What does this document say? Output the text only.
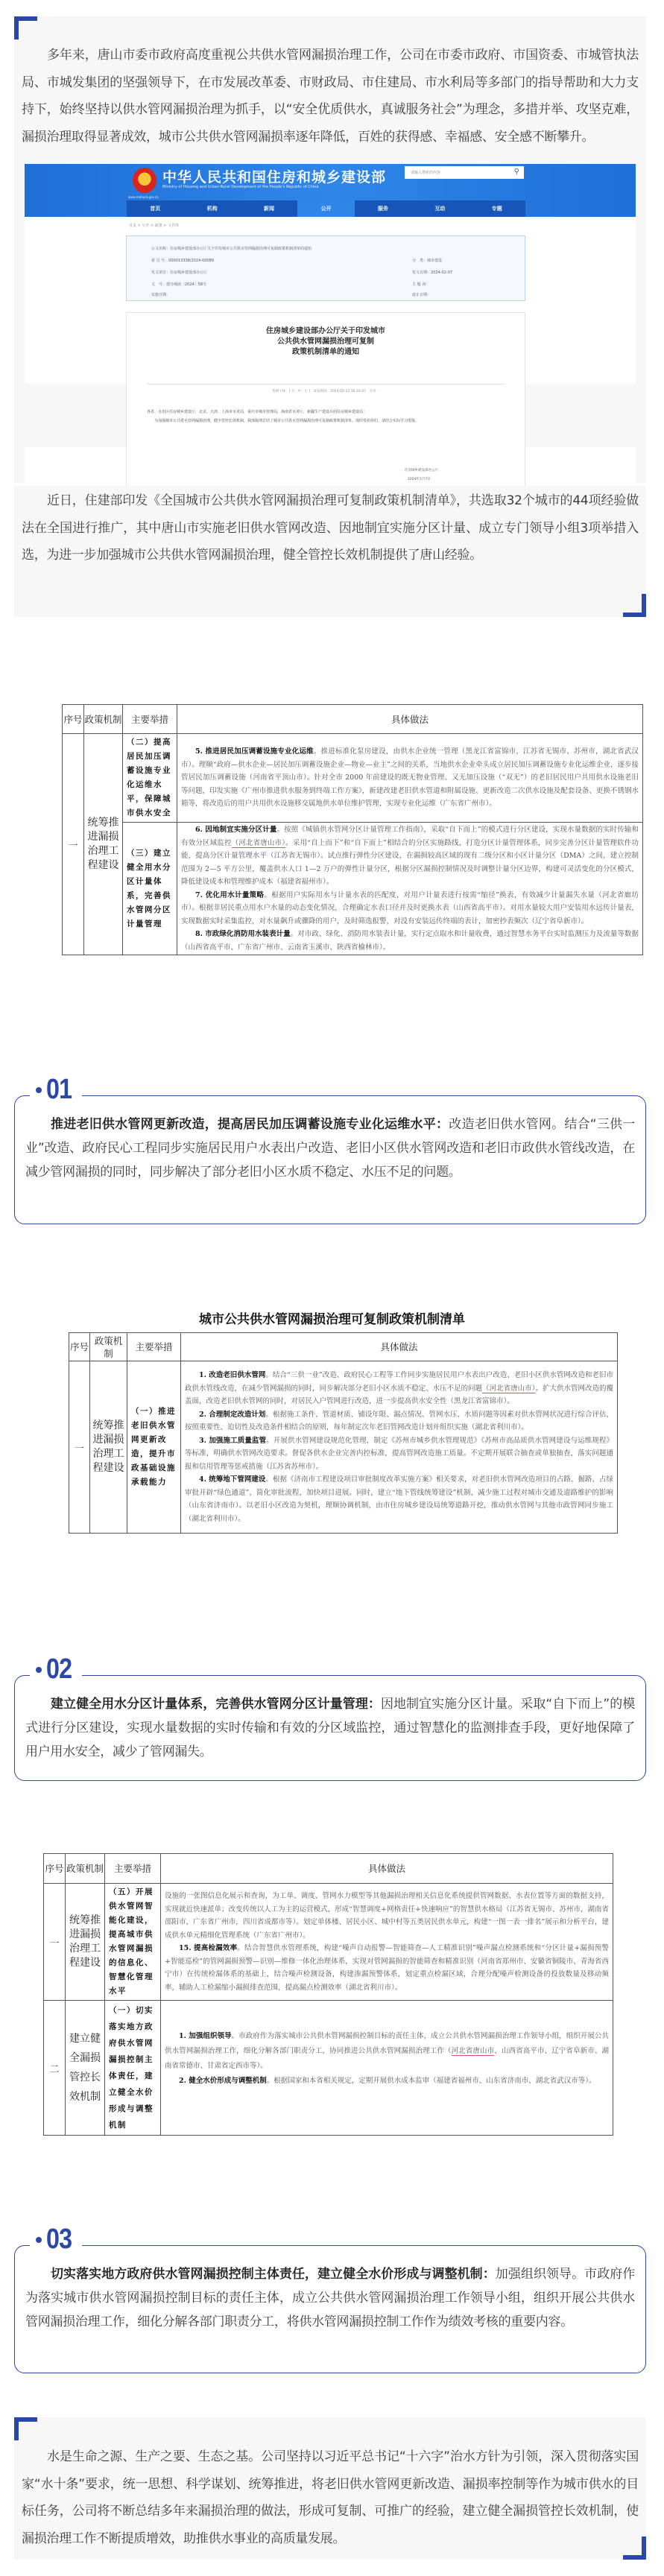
多年来，唐山市委市政府高度重视公共供水管网漏损治理工作，公司在市委市政府、市国资委、市城管执法局、市城发集团的坚强领导下，在市发展改革委、市财政局、市住建局、市水利局等多部门的指导帮助和大力支持下，始终坚持以供水管网漏损治理为抓手，以“安全优质供水，真诚服务社会”为理念，多措并举、攻坚克难，漏损治理取得显著成效，城市公共供水管网漏损率逐年降低，百姓的获得感、幸福感、安全感不断攀升。

中华人民共和国住房和城乡建设部
Ministry of Housing and Urban-Rural Development of the People's Republic of China
www.mohurd.gov.cn
请输入搜索的内容	⚲
首页	机构	新闻	公开	服务	互动	专题
首页 > 公开 > 政策 > 文件库
公文名称：住房城乡建设部办公厅关于印发城市公共供水管网漏损治理可复制政策机制清单的通知
索 引 号：000013338/2024-00089	分　类：城市建设
发文单位：住房城乡建设部办公厅	发文日期：2024-02-07
文　号：建办城函〔2024〕58号	主 题 词：
实施日期：	废止日期：
住房城乡建设部办公厅关于印发城市
公共供水管网漏损治理可复制
政策机制清单的通知
选择字体：[ 大 · 中 · 小 ]　发布时间：2024-02-22 16:33:37　分享：
各省、自治区住房城乡建设厅，北京、天津、上海市水务局，重庆市城市管理局，海南省水务厅，新疆生产建设兵团住房城乡建设局：
为加强城市公共供水管网漏损治理，健全管控长效机制，我部梳理总结了城市公共供水管网漏损治理可复制政策机制清单。现印发给你们，请结合实际学习借鉴。
住房城乡建设部办公厅
2024年2月7日

近日，住建部印发《全国城市公共供水管网漏损治理可复制政策机制清单》，共选取32个城市的44项经验做法在全国进行推广，其中唐山市实施老旧供水管网改造、因地制宜实施分区计量、成立专门领导小组3项举措入选，为进一步加强城市公共供水管网漏损治理，健全管控长效机制提供了唐山经验。

序号	政策机制	主要举措	具体做法
一	统筹推进漏损治理工程建设	（二）提高居民加压调蓄设施专业化运维水平，保障城市供水安全	5. 推进居民加压调蓄设施专业化运维。推进标准化泵房建设，由供水企业统一管理（黑龙江省富锦市，江苏省无锡市、苏州市，湖北省武汉市）。理顺“政府—供水企业—居民加压调蓄设施企业—物业—业主”之间的关系，当地供水企业牵头成立居民加压调蓄设施专业化运维企业，逐步接管居民加压调蓄设施（河南省平顶山市）。针对全市 2000 年前建设的既无物业管理、又无加压设施（“双无”）的老旧居民用户共用供水设施老旧等问题，印发实施《广州市推进供水服务到终端工作方案》，新建改建老旧供水管道和附属设施、更新改造二次供水设施及配套设备、更换不锈钢水箱等，将改造后的用户共用供水设施移交属地供水单位维护管理，实现专业化运维（广东省广州市）。

		（三）建立健全用水分区计量体系，完善供水管网分区计量管理	6. 因地制宜实施分区计量。按照《城镇供水管网分区计量管理工作指南》，采取“自下而上”的模式进行分区建设，实现水量数据的实时传输和有效分区域监控（河北省唐山市）。采用“自上而下”和“自下而上”相结合的分区实施路线，打造分区计量管理体系，同步完善分区计量管理软件功能，提高分区计量管理水平（江苏省无锡市）。试点推行弹性分区建设，在漏损较高区域的现有二级分区和小区计量分区（DMA）之间，建立控制范围为 2—5 平方公里，覆盖供水人口 1—2 万户的弹性计量分区，根据分区漏损控制情况及时调整计量分区边界，构建可灵活变化的分区模式，降低建设成本和管理维护成本（福建省福州市）。

7. 优化用水计量策略。根据用户实际用水与计量水表的匹配度，对用户计量表进行按需“缩径”换表，有效减少计量漏失水量（河北省廊坊市）。根据非居民重点用水户水量的动态变化情况，合理确定水表口径并及时更换水表（山西省高平市）。对用水量较大用户安装用水远传计量表，实现数据实时采集监控，对水量飙升或骤降的用户，及时筛选报警，对没有安装远传终端的表计，加密抄表频次（辽宁省阜新市）。

8. 市政绿化消防用水装表计量。对市政、绿化、消防用水装表计量，实行定点取水和计量收费，通过智慧水务平台实时监测压力及流量等数据（山西省高平市、广东省广州市、云南省玉溪市、陕西省榆林市）。

01

推进老旧供水管网更新改造，提高居民加压调蓄设施专业化运维水平：改造老旧供水管网。结合“三供一业”改造、政府民心工程同步实施居民用户水表出户改造、老旧小区供水管网改造和老旧市政供水管线改造，在减少管网漏损的同时，同步解决了部分老旧小区水质不稳定、水压不足的问题。

城市公共供水管网漏损治理可复制政策机制清单
序号	政策机制	主要举措	具体做法
一	统筹推进漏损治理工程建设	（一）推进老旧供水管网更新改造，提升市政基础设施承载能力	1. 改造老旧供水管网。结合“三供一业”改造、政府民心工程等工作同步实施居民用户水表出户改造、老旧小区供水管网改造和老旧市政供水管线改造，在减少管网漏损的同时，同步解决部分老旧小区水质不稳定、水压不足的问题（河北省唐山市）。扩大供水管网改造的覆盖面，改造老旧供水管网的同时，对居民入户管网进行改造，进一步提高供水安全性（黑龙江省富锦市）。

2. 合理制定改造计划。根据施工条件、管道材质、铺设年限、漏点情况、管网水压、水质问题等因素对供水管网状况进行综合评估，按照重要性、迫切性及改造条件相结合的原则，每年制定次年老旧管网改造计划并组织实施（湖北省利川市）。

3. 加强施工质量监管。开展供水管网建设规范化管理，制定《苏州市城乡供水管理规范》《苏州市高品质供水管网建设与运维规程》等标准，明确供水管网改造要求。督促各供水企业完善内控标准，提高管网改造施工质量。不定期开展联合抽查或单独抽查，落实问题通报和信用管理等惩戒措施（江苏省苏州市）。

4. 统筹地下管网建设。根据《济南市工程建设项目审批制度改革实施方案》相关要求，对老旧供水管网改造项目的占路、掘路、占绿审批开辟“绿色通道”，简化审批流程，加快项目进展。同时，建立“地下管线统筹建设”机制，减少施工过程对城市交通及道路维护的影响（山东省济南市）。以老旧小区改造为契机，理顺协调机制，由市住房城乡建设局统筹道路开挖，推动供水管网与其他市政管网同步施工（湖北省利川市）。

02

建立健全用水分区计量体系，完善供水管网分区计量管理：因地制宜实施分区计量。采取“自下而上”的模式进行分区建设，实现水量数据的实时传输和有效的分区域监控，通过智慧化的监测排查手段，更好地保障了用户用水安全，减少了管网漏失。

序号	政策机制	主要举措	具体做法
一	统筹推进漏损治理工程建设	（五）开展供水管网智能化建设，提高城市供水管网漏损的信息化、智慧化管理水平	设施的一张图信息化展示和查询，为工单、调度、管网水力模型等其他漏损治理相关信息化系统提供管网数据、水表位置等方面的数据支持，实现就近快速派单；改变传统以人工为主的运营模式，形成“智慧调度+网格责任+快速响应”的智慧供水格局（江苏省无锡市、苏州市，湖南省邵阳市，广东省广州市，四川省成都市等）。划定单体楼、居民小区、城中村等五类居民供水单元，构建“一图一表一排名”展示和分析平台，建成供水单元精细化管理系统（广东省广州市）。

15. 提高检漏效率。结合智慧供水管理系统，构建“噪声自动报警—智能筛查—人工精准识别”噪声漏点检测系统和“分区计量+漏损预警+智能巡检”的管网漏损预警—识别—维修一体化治理体系，实现对管网漏损的智能筛查和精准识别（河南省郑州市、安徽省铜陵市、青海省西宁市）在传统检漏体系的基础上，结合噪声检测设备，构建渗漏预警体系，划定重点检漏区域，合理分配噪声检测设备的投放数量及移动频率，辅助人工检漏缩小漏损排查范围，提高漏点检测效率（湖北省利川市）。

二	建立健全漏损管控长效机制	（一）切实落实地方政府供水管网漏损控制主体责任，建立健全水价形成与调整机制	1. 加强组织领导。市政府作为落实城市公共供水管网漏损控制目标的责任主体，成立公共供水管网漏损治理工作领导小组，组织开展公共供水管网漏损治理工作，细化分解各部门职责分工，协同推进公共供水管网漏损治理工作（河北省唐山市、山西省高平市、辽宁省阜新市、湖南省常德市、甘肃省定西市等）。

2. 健全水价形成与调整机制。根据国家和本省相关规定，定期开展供水成本监审（福建省福州市、山东省济南市、湖北省武汉市等）。

03

切实落实地方政府供水管网漏损控制主体责任，建立健全水价形成与调整机制：加强组织领导。市政府作为落实城市供水管网漏损控制目标的责任主体，成立公共供水管网漏损治理工作领导小组，组织开展公共供水管网漏损治理工作，细化分解各部门职责分工，将供水管网漏损控制工作作为绩效考核的重要内容。

水是生命之源、生产之要、生态之基。公司坚持以习近平总书记“十六字”治水方针为引领，深入贯彻落实国家“水十条”要求，统一思想、科学谋划、统筹推进，将老旧供水管网更新改造、漏损率控制等作为城市供水的目标任务，公司将不断总结多年来漏损治理的做法，形成可复制、可推广的经验，建立健全漏损管控长效机制，使漏损治理工作不断提质增效，助推供水事业的高质量发展。
